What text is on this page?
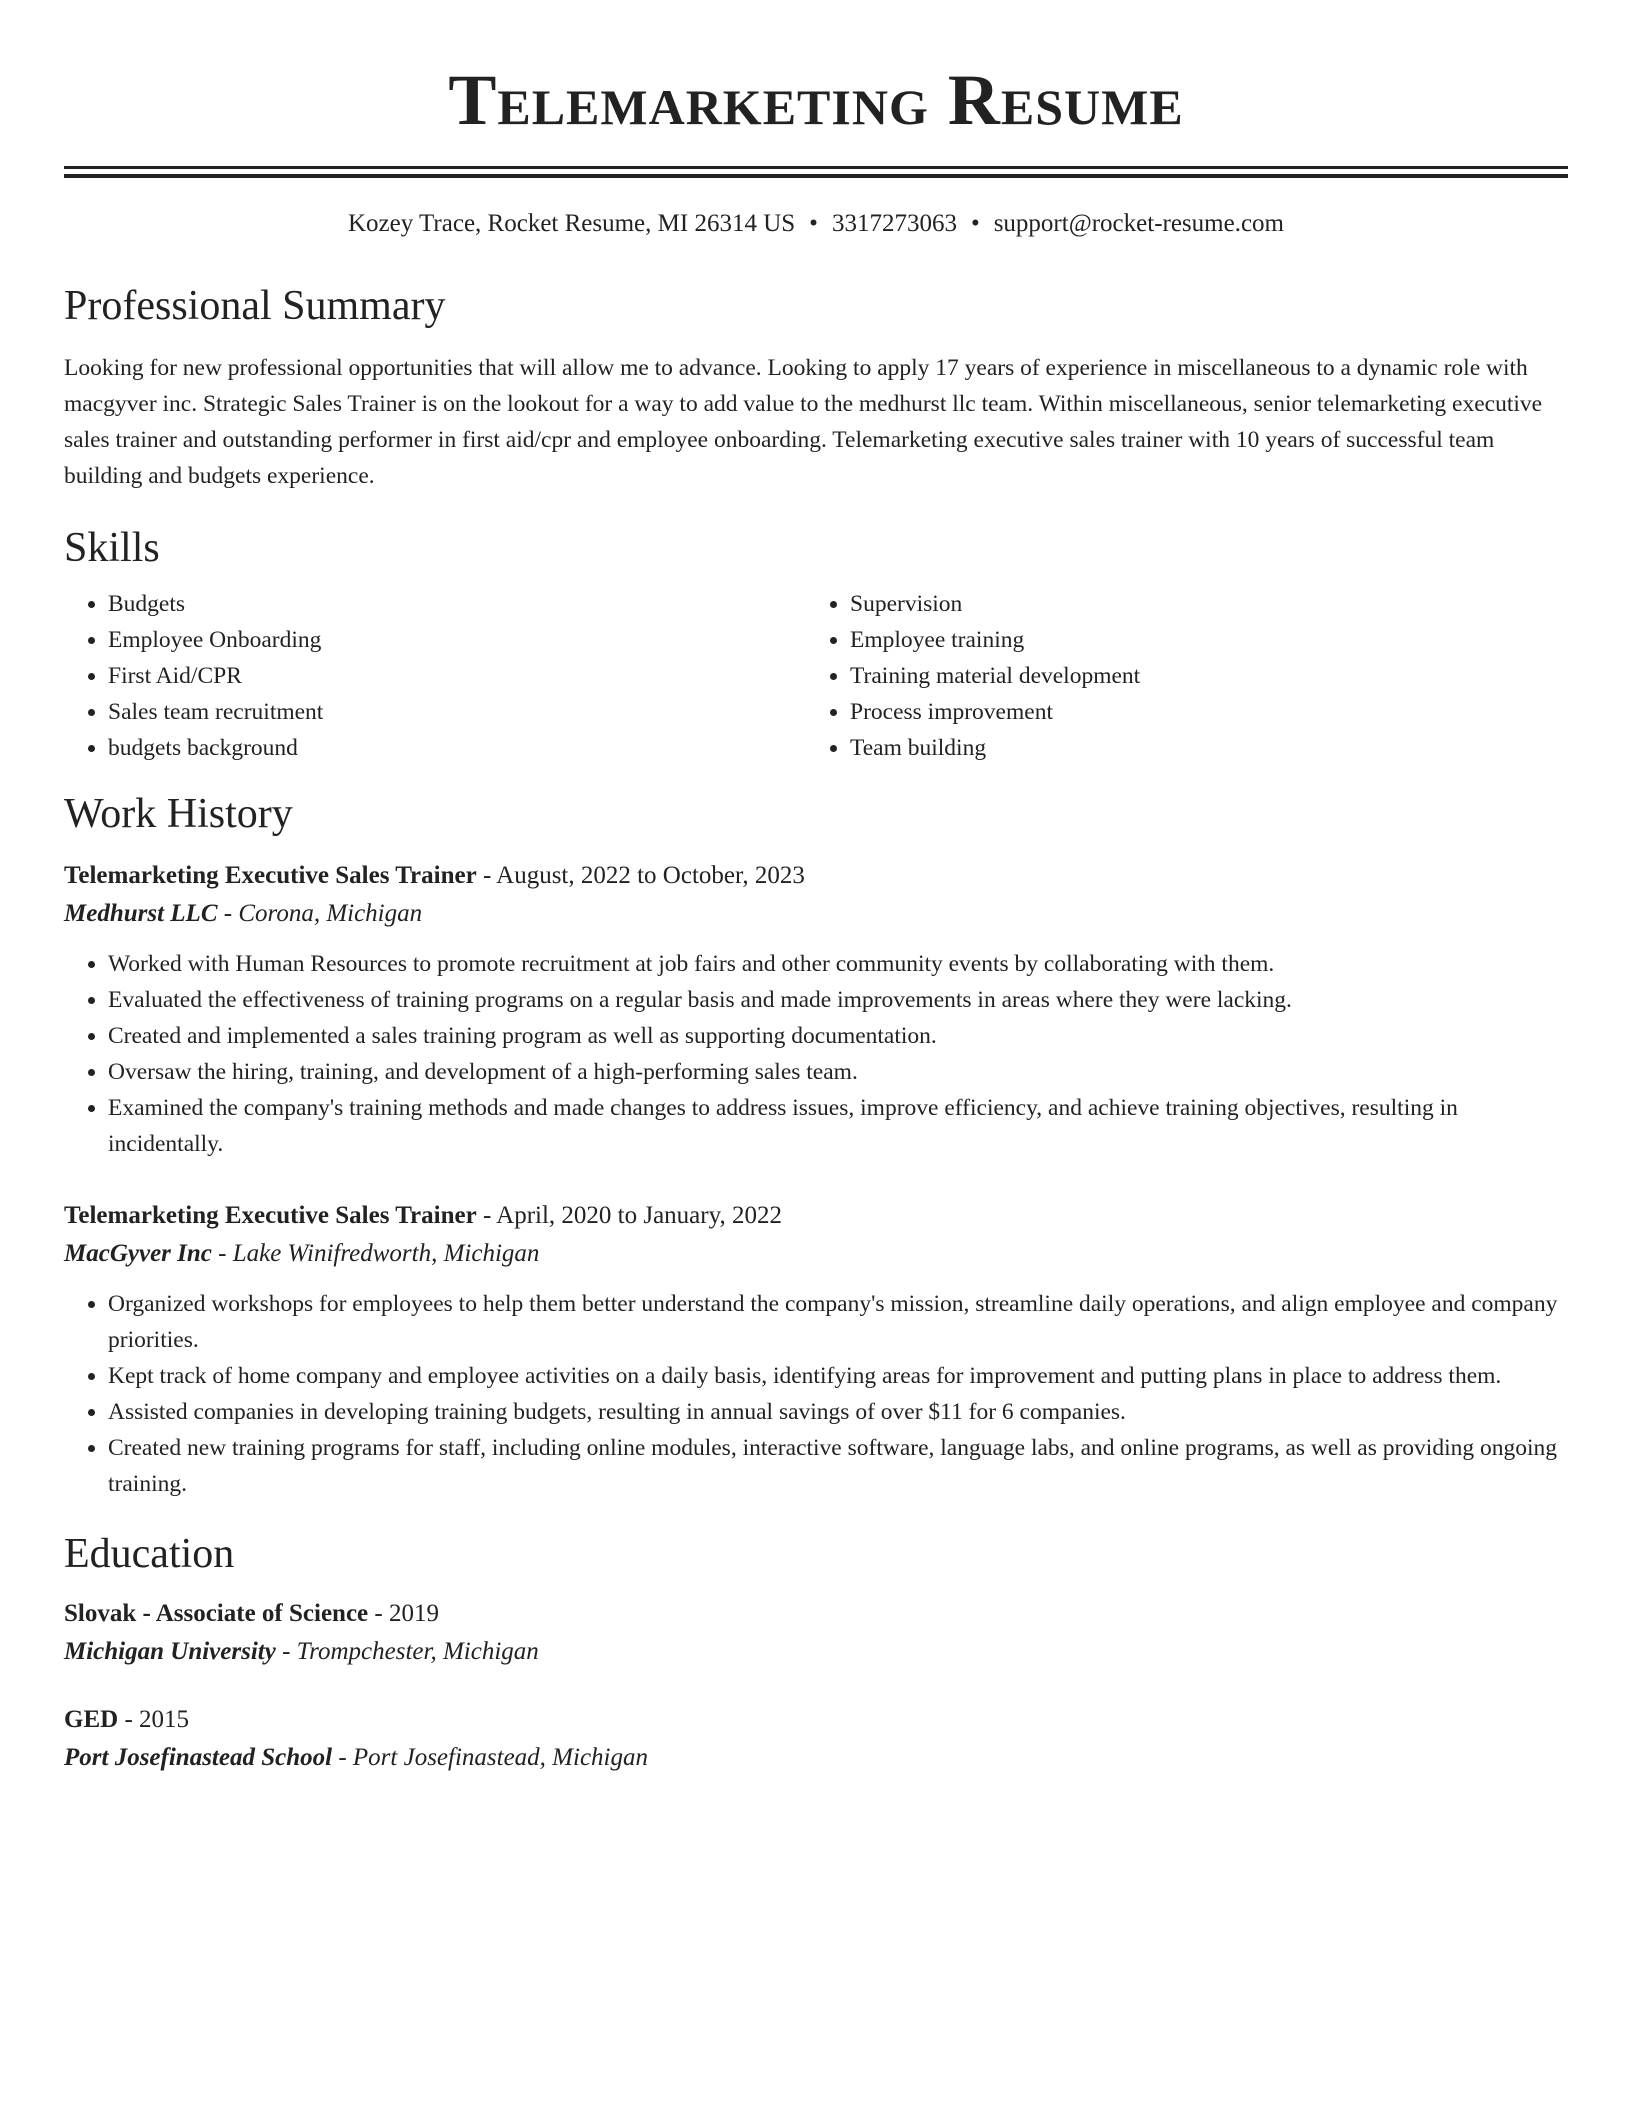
Telemarketing Resume
Kozey Trace, Rocket Resume, MI 26314 US • 3317273063 • support@rocket-resume.com
Professional Summary

Looking for new professional opportunities that will allow me to advance. Looking to apply 17 years of experience in miscellaneous to a dynamic role with macgyver inc. Strategic Sales Trainer is on the lookout for a way to add value to the medhurst llc team. Within miscellaneous, senior telemarketing executive sales trainer and outstanding performer in first aid/cpr and employee onboarding. Telemarketing executive sales trainer with 10 years of successful team building and budgets experience.

Skills
• Budgets
• Employee Onboarding
• First Aid/CPR
• Sales team recruitment
• budgets background
• Supervision
• Employee training
• Training material development
• Process improvement
• Team building
Work History
Telemarketing Executive Sales Trainer - August, 2022 to October, 2023
Medhurst LLC - Corona, Michigan
• Worked with Human Resources to promote recruitment at job fairs and other community events by collaborating with them.
• Evaluated the effectiveness of training programs on a regular basis and made improvements in areas where they were lacking.
• Created and implemented a sales training program as well as supporting documentation.
• Oversaw the hiring, training, and development of a high-performing sales team.
• Examined the company's training methods and made changes to address issues, improve efficiency, and achieve training objectives, resulting in incidentally.
Telemarketing Executive Sales Trainer - April, 2020 to January, 2022
MacGyver Inc - Lake Winifredworth, Michigan
• Organized workshops for employees to help them better understand the company's mission, streamline daily operations, and align employee and company priorities.
• Kept track of home company and employee activities on a daily basis, identifying areas for improvement and putting plans in place to address them.
• Assisted companies in developing training budgets, resulting in annual savings of over $11 for 6 companies.
• Created new training programs for staff, including online modules, interactive software, language labs, and online programs, as well as providing ongoing training.
Education
Slovak - Associate of Science - 2019
Michigan University - Trompchester, Michigan
GED - 2015
Port Josefinastead School - Port Josefinastead, Michigan
